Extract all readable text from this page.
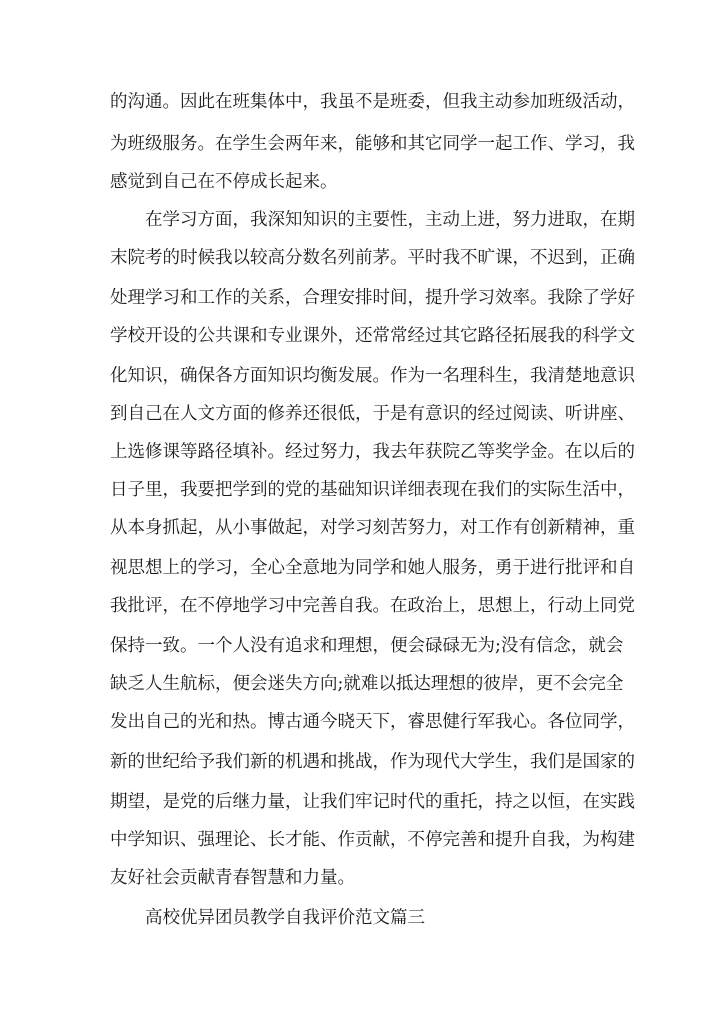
的沟通。因此在班集体中，我虽不是班委，但我主动参加班级活动，
为班级服务。在学生会两年来，能够和其它同学一起工作、学习，我
感觉到自己在不停成长起来。
在学习方面，我深知知识的主要性，主动上进，努力进取，在期
末院考的时候我以较高分数名列前茅。平时我不旷课，不迟到，正确
处理学习和工作的关系，合理安排时间，提升学习效率。我除了学好
学校开设的公共课和专业课外，还常常经过其它路径拓展我的科学文
化知识，确保各方面知识均衡发展。作为一名理科生，我清楚地意识
到自己在人文方面的修养还很低，于是有意识的经过阅读、听讲座、
上选修课等路径填补。经过努力，我去年获院乙等奖学金。在以后的
日子里，我要把学到的党的基础知识详细表现在我们的实际生活中，
从本身抓起，从小事做起，对学习刻苦努力，对工作有创新精神，重
视思想上的学习，全心全意地为同学和她人服务，勇于进行批评和自
我批评，在不停地学习中完善自我。在政治上，思想上，行动上同党
保持一致。一个人没有追求和理想，便会碌碌无为;没有信念，就会
缺乏人生航标，便会迷失方向;就难以抵达理想的彼岸，更不会完全
发出自己的光和热。博古通今晓天下，睿思健行军我心。各位同学，
新的世纪给予我们新的机遇和挑战，作为现代大学生，我们是国家的
期望，是党的后继力量，让我们牢记时代的重托，持之以恒，在实践
中学知识、强理论、长才能、作贡献，不停完善和提升自我，为构建
友好社会贡献青春智慧和力量。
高校优异团员教学自我评价范文篇三
